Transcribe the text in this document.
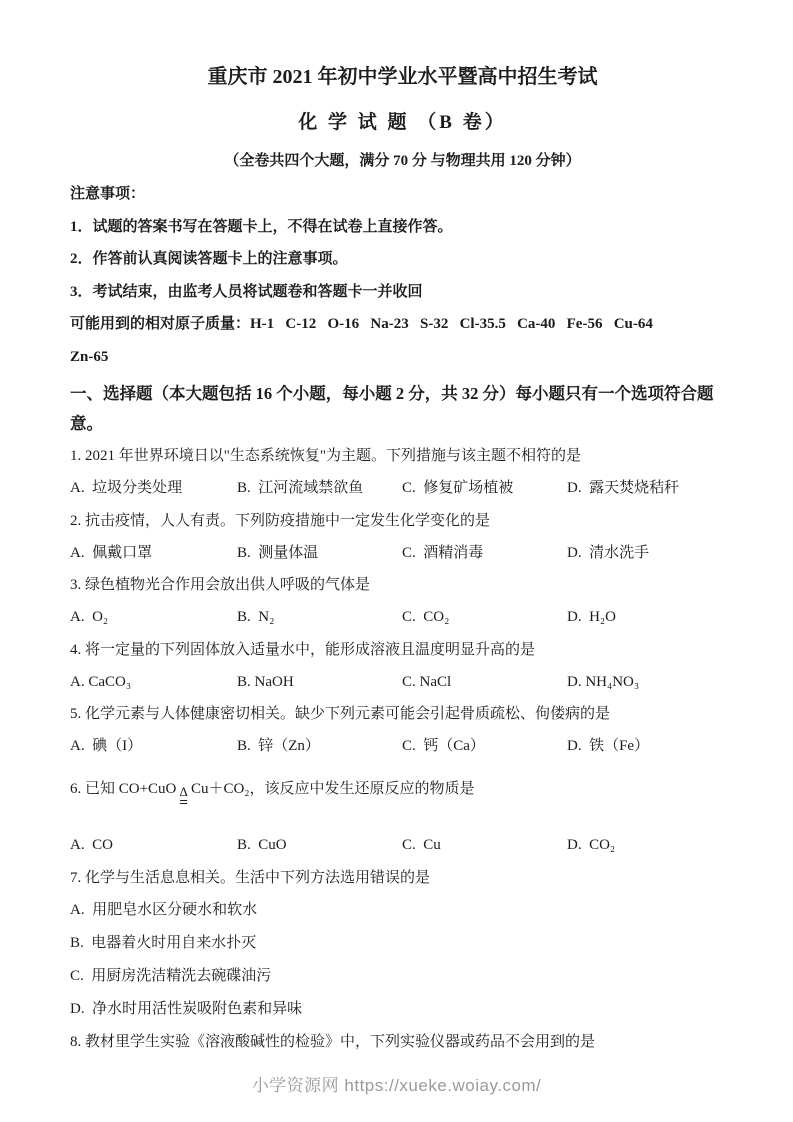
重庆市 2021 年初中学业水平暨高中招生考试
化 学 试 题 （B 卷）
（全卷共四个大题，满分 70 分 与物理共用 120 分钟）
注意事项：
1．试题的答案书写在答题卡上，不得在试卷上直接作答。
2．作答前认真阅读答题卡上的注意事项。
3．考试结束，由监考人员将试题卷和答题卡一并收回
可能用到的相对原子质量：H-1   C-12   O-16   Na-23   S-32   Cl-35.5   Ca-40   Fe-56   Cu-64
Zn-65
一、选择题（本大题包括 16 个小题，每小题 2 分，共 32 分）每小题只有一个选项符合题意。
1. 2021 年世界环境日以"生态系统恢复"为主题。下列措施与该主题不相符的是
A.  垃圾分类处理	B.  江河流域禁欲鱼	C.  修复矿场植被	D.  露天焚烧秸秆
2. 抗击疫情，人人有责。下列防疫措施中一定发生化学变化的是
A.  佩戴口罩	B.  测量体温	C.  酒精消毒	D.  清水洗手
3. 绿色植物光合作用会放出供人呼吸的气体是
A.  O₂	B.  N₂	C.  CO₂	D.  H₂O
4. 将一定量的下列固体放入适量水中，能形成溶液且温度明显升高的是
A. CaCO₃	B. NaOH	C. NaCl	D. NH₄NO₃
5. 化学元素与人体健康密切相关。缺少下列元素可能会引起骨质疏松、佝偻病的是
A.  碘（I）	B.  锌（Zn）	C.  钙（Ca）	D.  铁（Fe）
6. 已知 CO+CuO Δ
=
Cu＋CO₂，该反应中发生还原反应的物质是
A.  CO	B.  CuO	C.  Cu	D.  CO₂
7. 化学与生活息息相关。生活中下列方法选用错误的是
A.  用肥皂水区分硬水和软水
B.  电器着火时用自来水扑灭
C.  用厨房洗洁精洗去碗碟油污
D.  净水时用活性炭吸附色素和异味
8. 教材里学生实验《溶液酸碱性的检验》中，下列实验仪器或药品不会用到的是
小学资源网 https://xueke.woiay.com/
